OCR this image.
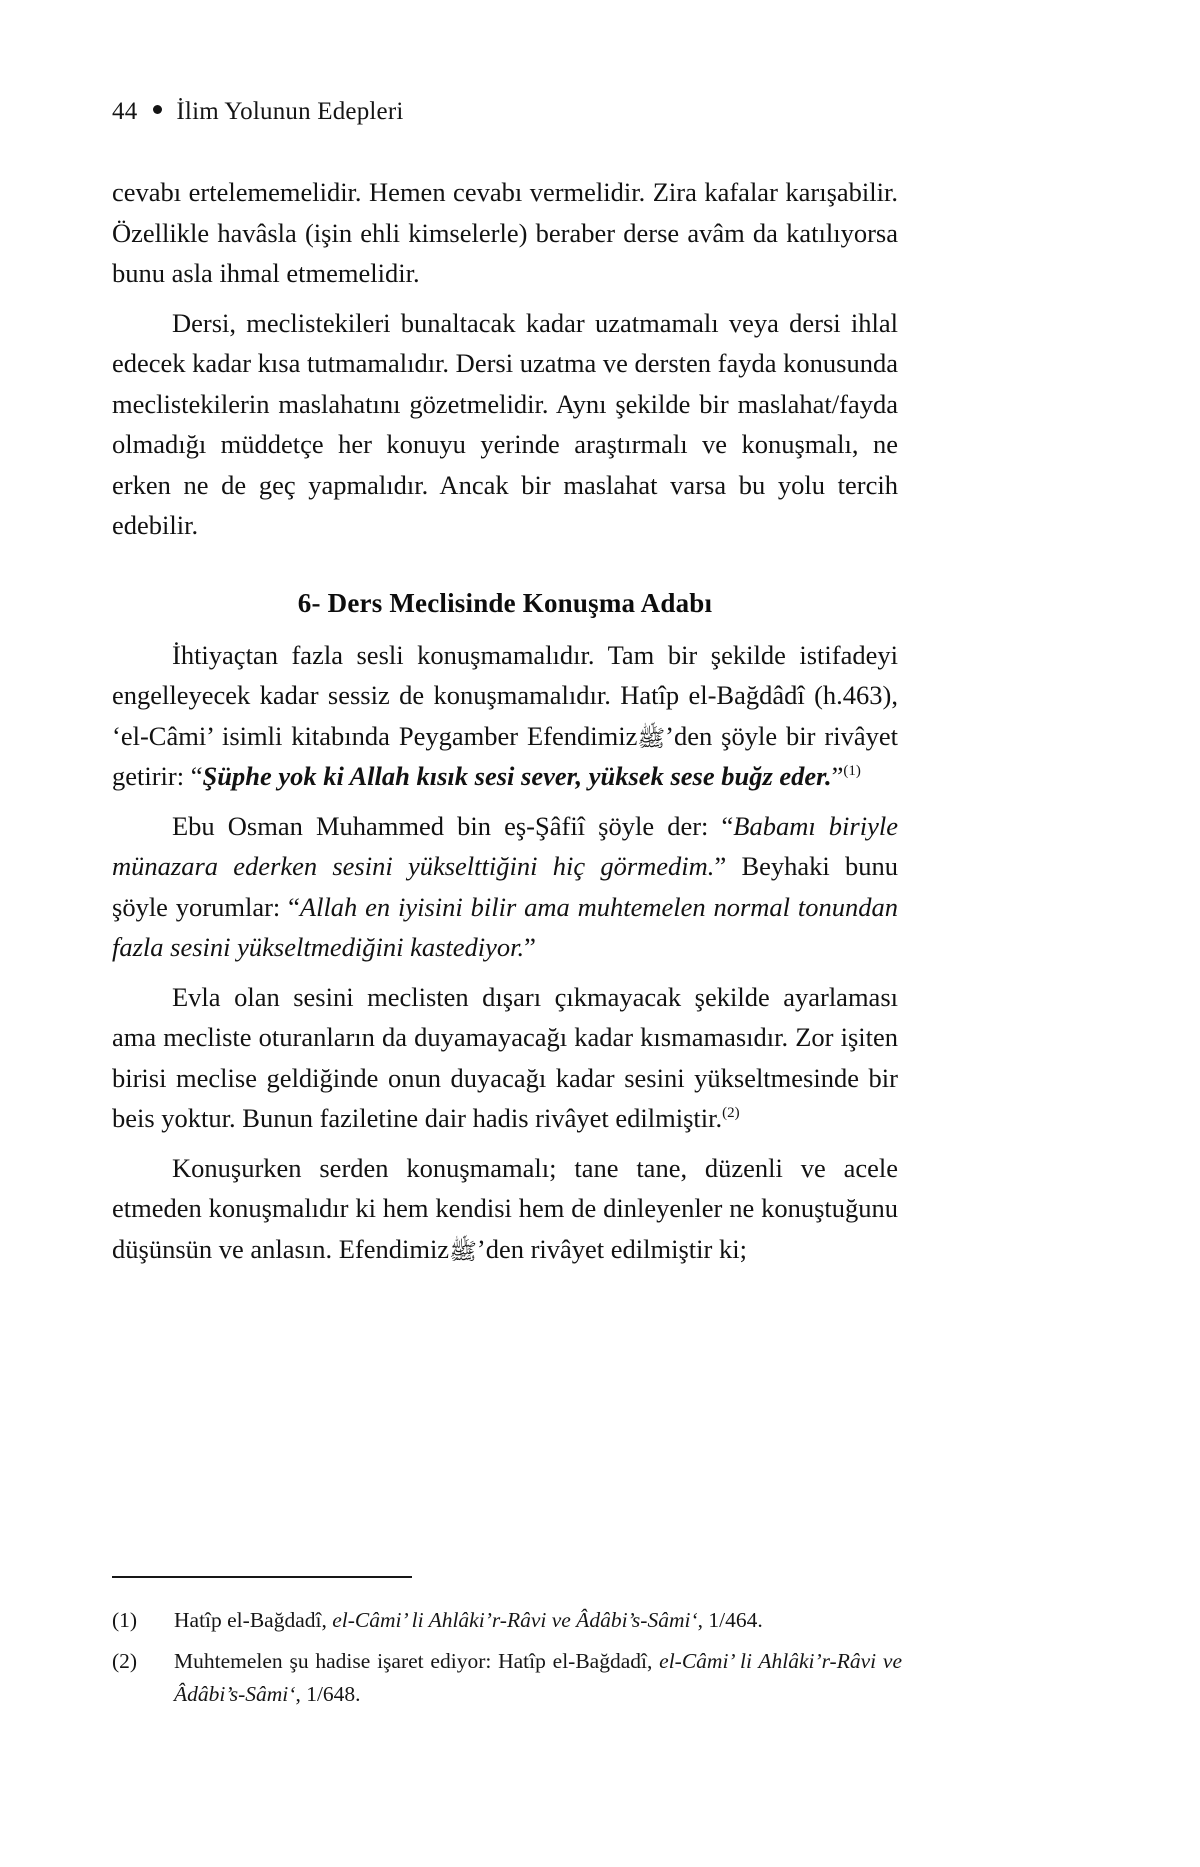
44 İlim Yolunun Edepleri

cevabı ertelememelidir. Hemen cevabı vermelidir. Zira kafalar karışabilir. Özellikle havâsla (işin ehli kimselerle) beraber derse avâm da katılıyorsa bunu asla ihmal etmemelidir.

Dersi, meclistekileri bunaltacak kadar uzatmamalı veya dersi ihlal edecek kadar kısa tutmamalıdır. Dersi uzatma ve dersten fayda konusunda meclistekilerin maslahatını gözetmelidir. Aynı şekilde bir maslahat/fayda olmadığı müddetçe her konuyu yerinde araştırmalı ve konuşmalı, ne erken ne de geç yapmalıdır. Ancak bir maslahat varsa bu yolu tercih edebilir.

6- Ders Meclisinde Konuşma Adabı

İhtiyaçtan fazla sesli konuşmamalıdır. Tam bir şekilde istifadeyi engelleyecek kadar sessiz de konuşmamalıdır. Hatîp el-Bağdâdî (h.463), ‘el-Câmi’ isimli kitabında Peygamber Efendimizﷺ’den şöyle bir rivâyet getirir: “Şüphe yok ki Allah kısık sesi sever, yüksek sese buğz eder.”$^{(1)}$

Ebu Osman Muhammed bin eş-Şâfiî şöyle der: “Babamı biriyle münazara ederken sesini yükselttiğini hiç görmedim.” Beyhaki bunu şöyle yorumlar: “Allah en iyisini bilir ama muhtemelen normal tonundan fazla sesini yükseltmediğini kastediyor.”

Evla olan sesini meclisten dışarı çıkmayacak şekilde ayarlaması ama mecliste oturanların da duyamayacağı kadar kısmamasıdır. Zor işiten birisi meclise geldiğinde onun duyacağı kadar sesini yükseltmesinde bir beis yoktur. Bunun faziletine dair hadis rivâyet edilmiştir.$^{(2)}$

Konuşurken serden konuşmamalı; tane tane, düzenli ve acele etmeden konuşmalıdır ki hem kendisi hem de dinleyenler ne konuştuğunu düşünsün ve anlasın. Efendimizﷺ’den rivâyet edilmiştir ki;

(1)	Hatîp el-Bağdadî, el-Câmi’ li Ahlâki’r-Râvi ve Âdâbi’s-Sâmi‘, 1/464.
(2)	Muhtemelen şu hadise işaret ediyor: Hatîp el-Bağdadî, el-Câmi’ li Ahlâki’r-Râvi ve Âdâbi’s-Sâmi‘, 1/648.
